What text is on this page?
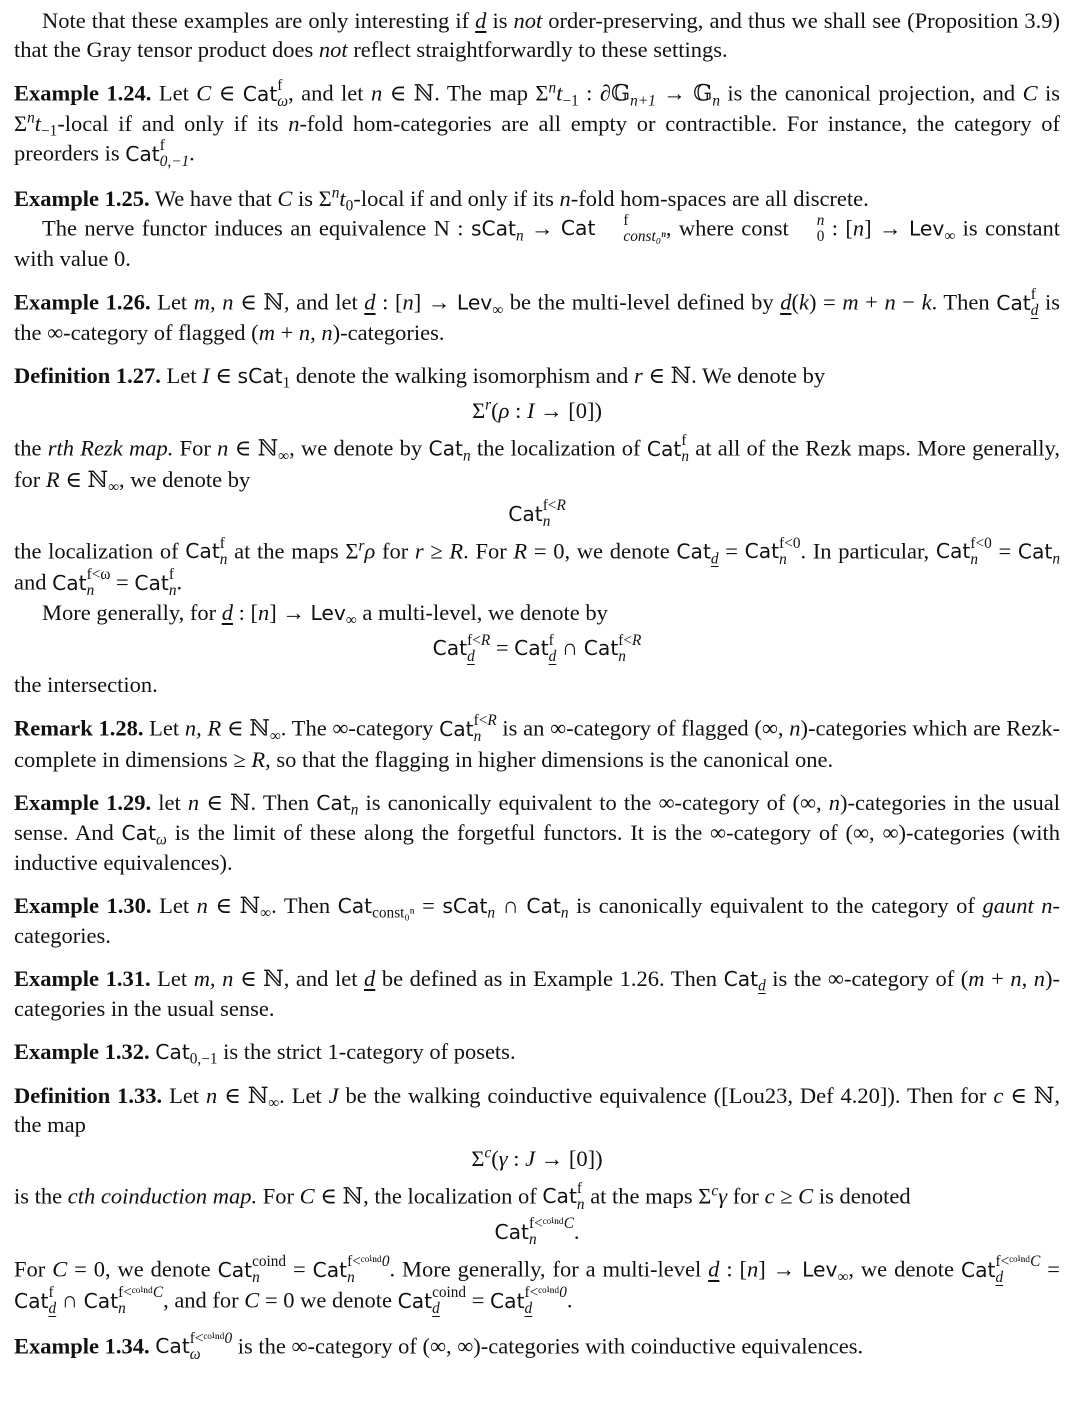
Note that these examples are only interesting if d is not order-preserving, and thus we shall see (Proposition 3.9) that the Gray tensor product does not reflect straightforwardly to these settings.

Example 1.24. Let C ∈ Cat f
ω , and let n ∈ ℕ. The map $\Sigma^nt_{-1}$ : ∂𝔾$_{n+1}$ → 𝔾$_n$ is the canonical projection, and C is $\Sigma^nt_{-1}$-local if and only if its n-fold hom-categories are all empty or contractible. For instance, the category of preorders is Cat f
0,−1 .

Example 1.25. We have that C is $\Sigma^nt_0$-local if and only if its n-fold hom-spaces are all discrete.

The nerve functor induces an equivalence N : sCat$_n$ → Cat	f
const₀ⁿ , where const	n
0 : [n] → Lev$_\infty$ is constant with value 0.

Example 1.26. Let m, n ∈ ℕ, and let d : [n] → Lev$_\infty$ be the multi-level defined by d(k) = m + n − k. Then Cat f
d is the ∞-category of flagged (m + n, n)-categories.

Definition 1.27. Let I ∈ sCat$_1$ denote the walking isomorphism and r ∈ ℕ. We denote by

$\Sigma^r(\rho$ : I → [0])

the rth Rezk map. For n ∈ ℕ$_\infty$, we denote by Cat$_n$ the localization of Cat f
n at all of the Rezk maps. More generally, for R ∈ ℕ$_\infty$, we denote by

Cat f<R
n

the localization of Cat f
n at the maps $\Sigma^r\rho$ for r ≥ R. For R = 0, we denote Cat$_d$ = Cat f<0
n . In particular, Cat f<0
n = Cat$_n$ and Cat f<ω
n = Cat f
n .

More generally, for d : [n] → Lev$_\infty$ a multi-level, we denote by

Cat f<R
d = Cat f
d ∩ Cat f<R
n

the intersection.

Remark 1.28. Let n, R ∈ ℕ$_\infty$. The ∞-category Cat f<R
n is an ∞-category of flagged (∞, n)-categories which are Rezk-complete in dimensions ≥ R, so that the flagging in higher dimensions is the canonical one.

Example 1.29. let n ∈ ℕ. Then Cat$_n$ is canonically equivalent to the ∞-category of (∞, n)-categories in the usual sense. And Cat$_\omega$ is the limit of these along the forgetful functors. It is the ∞-category of (∞, ∞)-categories (with inductive equivalences).

Example 1.30. Let n ∈ ℕ$_\infty$. Then Cat$_{const_0^n}$ = sCat$_n$ ∩ Cat$_n$ is canonically equivalent to the category of gaunt n-categories.

Example 1.31. Let m, n ∈ ℕ, and let d be defined as in Example 1.26. Then Cat$_d$ is the ∞-category of (m + n, n)-categories in the usual sense.

Example 1.32. Cat$_{0,-1}$ is the strict 1-category of posets.

Definition 1.33. Let n ∈ ℕ$_\infty$. Let J be the walking coinductive equivalence ([Lou23, Def 4.20]). Then for c ∈ ℕ, the map

$\Sigma^c(\gamma$ : J → [0])

is the cth coinduction map. For C ∈ ℕ, the localization of Cat f
n at the maps $\Sigma^c\gamma$ for c ≥ C is denoted

Cat f<ᶜᵒⁱⁿᵈC
n	.

For C = 0, we denote Cat coind
n	= Cat f<ᶜᵒⁱⁿᵈ0
n	. More generally, for a multi-level d : [n] → Lev$_\infty$, we denote Cat f<ᶜᵒⁱⁿᵈC
d	= Cat f
d ∩ Cat f<ᶜᵒⁱⁿᵈC
n	, and for C = 0 we denote Cat coind
d	= Cat f<ᶜᵒⁱⁿᵈ0
d	.

Example 1.34. Cat f<ᶜᵒⁱⁿᵈ0
ω	is the ∞-category of (∞, ∞)-categories with coinductive equivalences.
